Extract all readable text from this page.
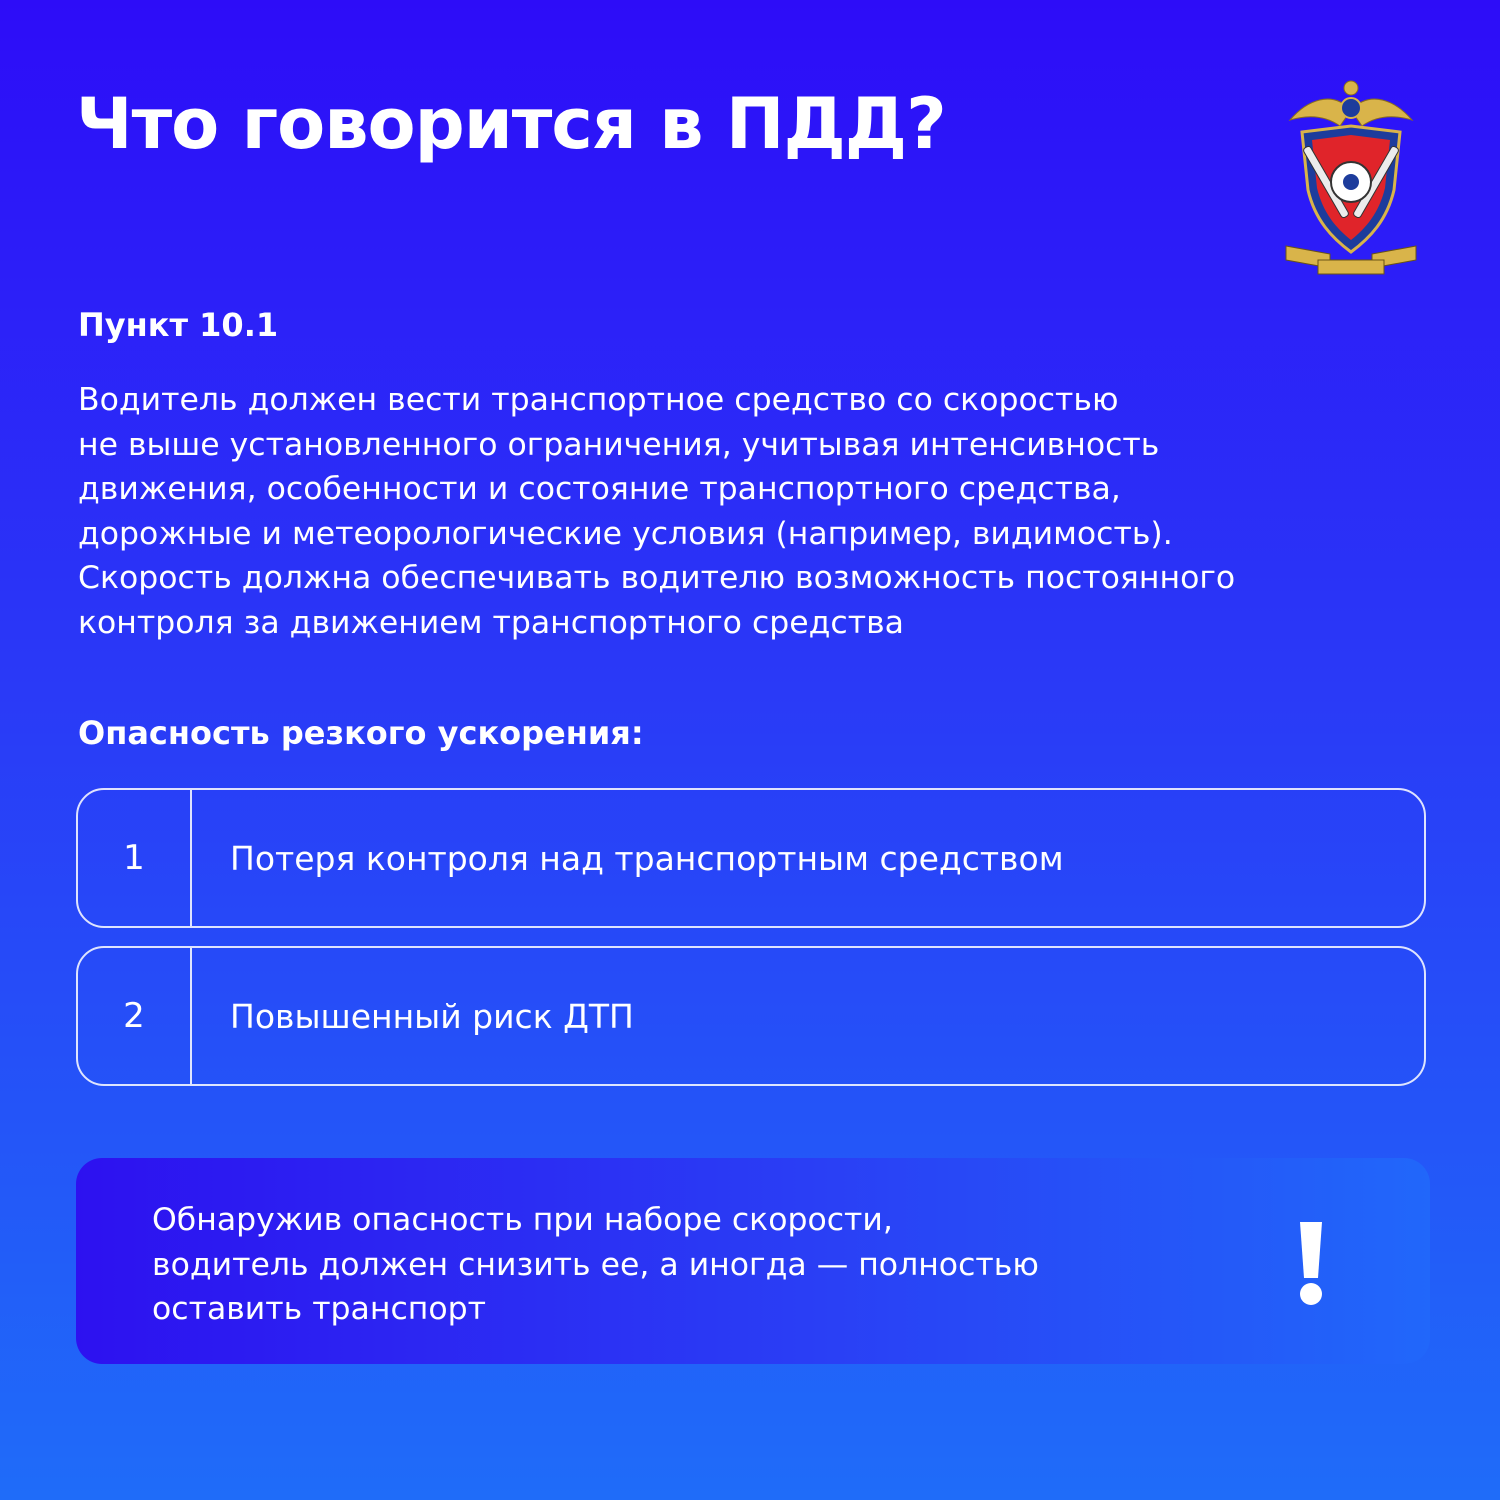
Что говорится в ПДД?
Пункт 10.1

Водитель должен вести транспортное средство со скоростью
не выше установленного ограничения, учитывая интенсивность
движения, особенности и состояние транспортного средства,
дорожные и метеорологические условия (например, видимость).
Скорость должна обеспечивать водителю возможность постоянного
контроля за движением транспортного средства

Опасность резкого ускорения:
1	Потеря контроля над транспортным средством
2	Повышенный риск ДТП

Обнаружив опасность при наборе скорости,
водитель должен снизить ее, а иногда — полностью
оставить транспорт
